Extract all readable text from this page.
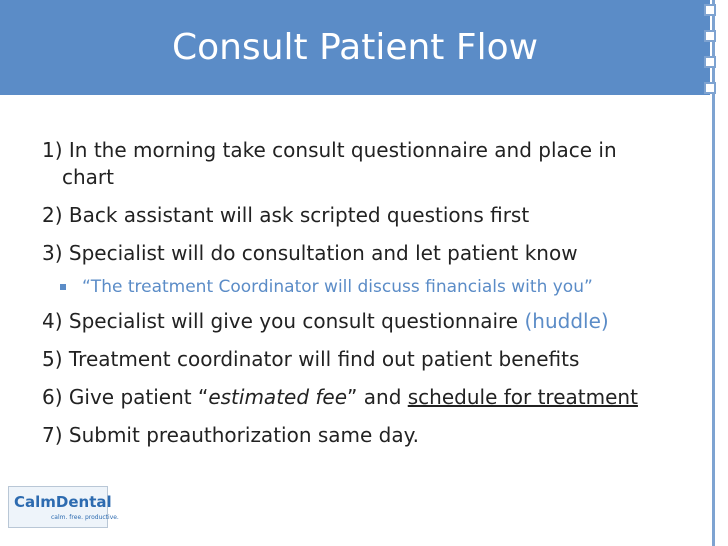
Consult Patient Flow
1) In the morning take consult questionnaire and place in
chart
2) Back assistant will ask scripted questions first
3) Specialist will do consultation and let patient know
“The treatment Coordinator will discuss financials with you”
4) Specialist will give you consult questionnaire (huddle)
5) Treatment coordinator will find out patient benefits
6) Give patient “estimated fee” and schedule for treatment
7) Submit preauthorization same day.
CalmDental
calm. free. productive.
